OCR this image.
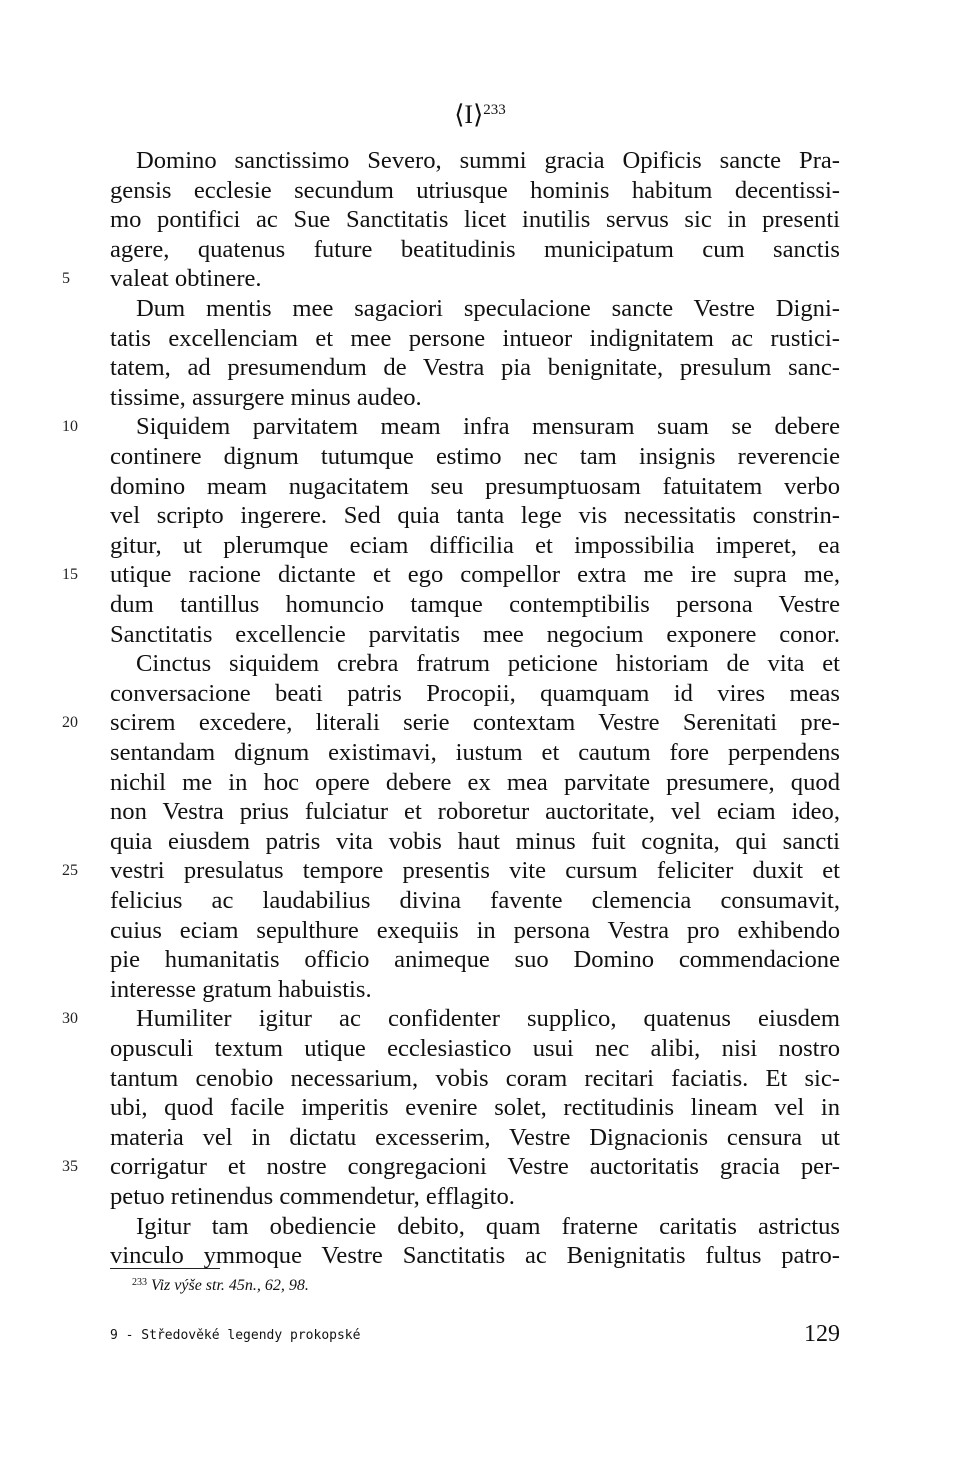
⟨I⟩$^{233}$
5
10
15
20
25
30
35
Domino sanctissimo Severo, summi gracia Opificis sancte Pra-
gensis ecclesie secundum utriusque hominis habitum decentissi-
mo pontifici ac Sue Sanctitatis licet inutilis servus sic in presenti
agere, quatenus future beatitudinis municipatum cum sanctis
valeat obtinere.
Dum mentis mee sagaciori speculacione sancte Vestre Digni-
tatis excellenciam et mee persone intueor indignitatem ac rustici-
tatem, ad presumendum de Vestra pia benignitate, presulum sanc-
tissime, assurgere minus audeo.
Siquidem parvitatem meam infra mensuram suam se debere
continere dignum tutumque estimo nec tam insignis reverencie
domino meam nugacitatem seu presumptuosam fatuitatem verbo
vel scripto ingerere. Sed quia tanta lege vis necessitatis constrin-
gitur, ut plerumque eciam difficilia et impossibilia imperet, ea
utique racione dictante et ego compellor extra me ire supra me,
dum tantillus homuncio tamque contemptibilis persona Vestre
Sanctitatis excellencie parvitatis mee negocium exponere conor.
Cinctus siquidem crebra fratrum peticione historiam de vita et
conversacione beati patris Procopii, quamquam id vires meas
scirem excedere, literali serie contextam Vestre Serenitati pre-
sentandam dignum existimavi, iustum et cautum fore perpendens
nichil me in hoc opere debere ex mea parvitate presumere, quod
non Vestra prius fulciatur et roboretur auctoritate, vel eciam ideo,
quia eiusdem patris vita vobis haut minus fuit cognita, qui sancti
vestri presulatus tempore presentis vite cursum feliciter duxit et
felicius ac laudabilius divina favente clemencia consumavit,
cuius eciam sepulthure exequiis in persona Vestra pro exhibendo
pie humanitatis officio animeque suo Domino commendacione
interesse gratum habuistis.
Humiliter igitur ac confidenter supplico, quatenus eiusdem
opusculi textum utique ecclesiastico usui nec alibi, nisi nostro
tantum cenobio necessarium, vobis coram recitari faciatis. Et sic-
ubi, quod facile imperitis evenire solet, rectitudinis lineam vel in
materia vel in dictatu excesserim, Vestre Dignacionis censura ut
corrigatur et nostre congregacioni Vestre auctoritatis gracia per-
petuo retinendus commendetur, efflagito.
Igitur tam obediencie debito, quam fraterne caritatis astrictus
vinculo ymmoque Vestre Sanctitatis ac Benignitatis fultus patro-
$^{233}$ Viz výše str. 45n., 62, 98.
9 - Středověké legendy prokopské	129
